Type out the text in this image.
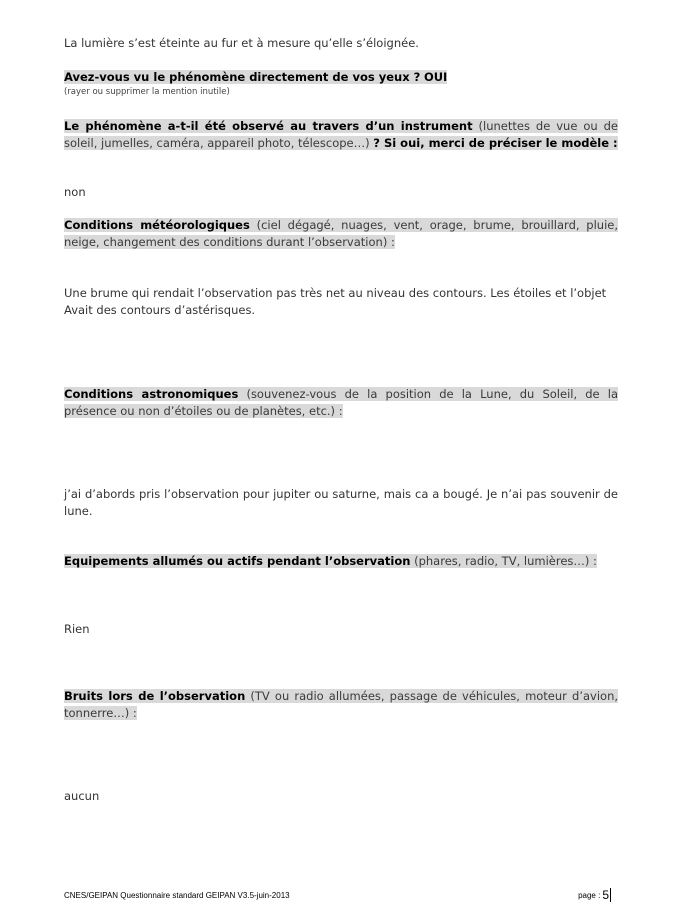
La lumière s’est éteinte au fur et à mesure qu’elle s’éloignée.
Avez-vous vu le phénomène directement de vos yeux ? OUI
(rayer ou supprimer la mention inutile)
Le phénomène a-t-il été observé au travers d’un instrument (lunettes de vue ou de soleil, jumelles, caméra, appareil photo, télescope…) ? Si oui, merci de préciser le modèle :
non
Conditions météorologiques (ciel dégagé, nuages, vent, orage, brume, brouillard, pluie, neige, changement des conditions durant l’observation) :
Une brume qui rendait l’observation pas très net au niveau des contours. Les étoiles et l’objet
Avait des contours d’astérisques.
Conditions astronomiques (souvenez-vous de la position de la Lune, du Soleil, de la présence ou non d’étoiles ou de planètes, etc.) :
j’ai d’abords pris l’observation pour jupiter ou saturne, mais ca a bougé. Je n’ai pas souvenir de lune.
Equipements allumés ou actifs pendant l’observation (phares, radio, TV, lumières…) :
Rien
Bruits lors de l’observation (TV ou radio allumées, passage de véhicules, moteur d’avion, tonnerre…) :
aucun
CNES/GEIPAN Questionnaire standard GEIPAN V3.5-juin-2013	page : 5
